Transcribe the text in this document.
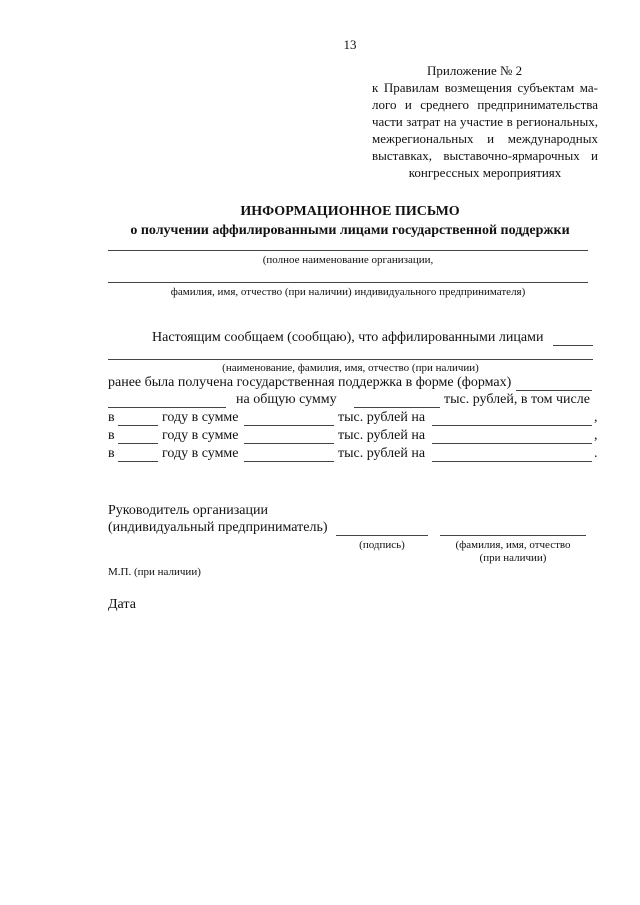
13
Приложение № 2
к Правилам возмещения субъектам ма-
лого и среднего предпринимательства
части затрат на участие в региональных,
межрегиональных и международных
выставках, выставочно-ярмарочных и
конгрессных мероприятиях
ИНФОРМАЦИОННОЕ ПИСЬМО
о получении аффилированными лицами государственной поддержки
(полное наименование организации,
фамилия, имя, отчество (при наличии) индивидуального предпринимателя)
Настоящим сообщаем (сообщаю), что аффилированными лицами
(наименование, фамилия, имя, отчество (при наличии)
ранее была получена государственная поддержка в форме (формах)
на общую сумму	тыс. рублей, в том числе
в	году в сумме	тыс. рублей на	,
в	году в сумме	тыс. рублей на	,
в	году в сумме	тыс. рублей на	.
Руководитель организации
(индивидуальный предприниматель)
(подпись)	(фамилия, имя, отчество
(при наличии)
М.П. (при наличии)
Дата
